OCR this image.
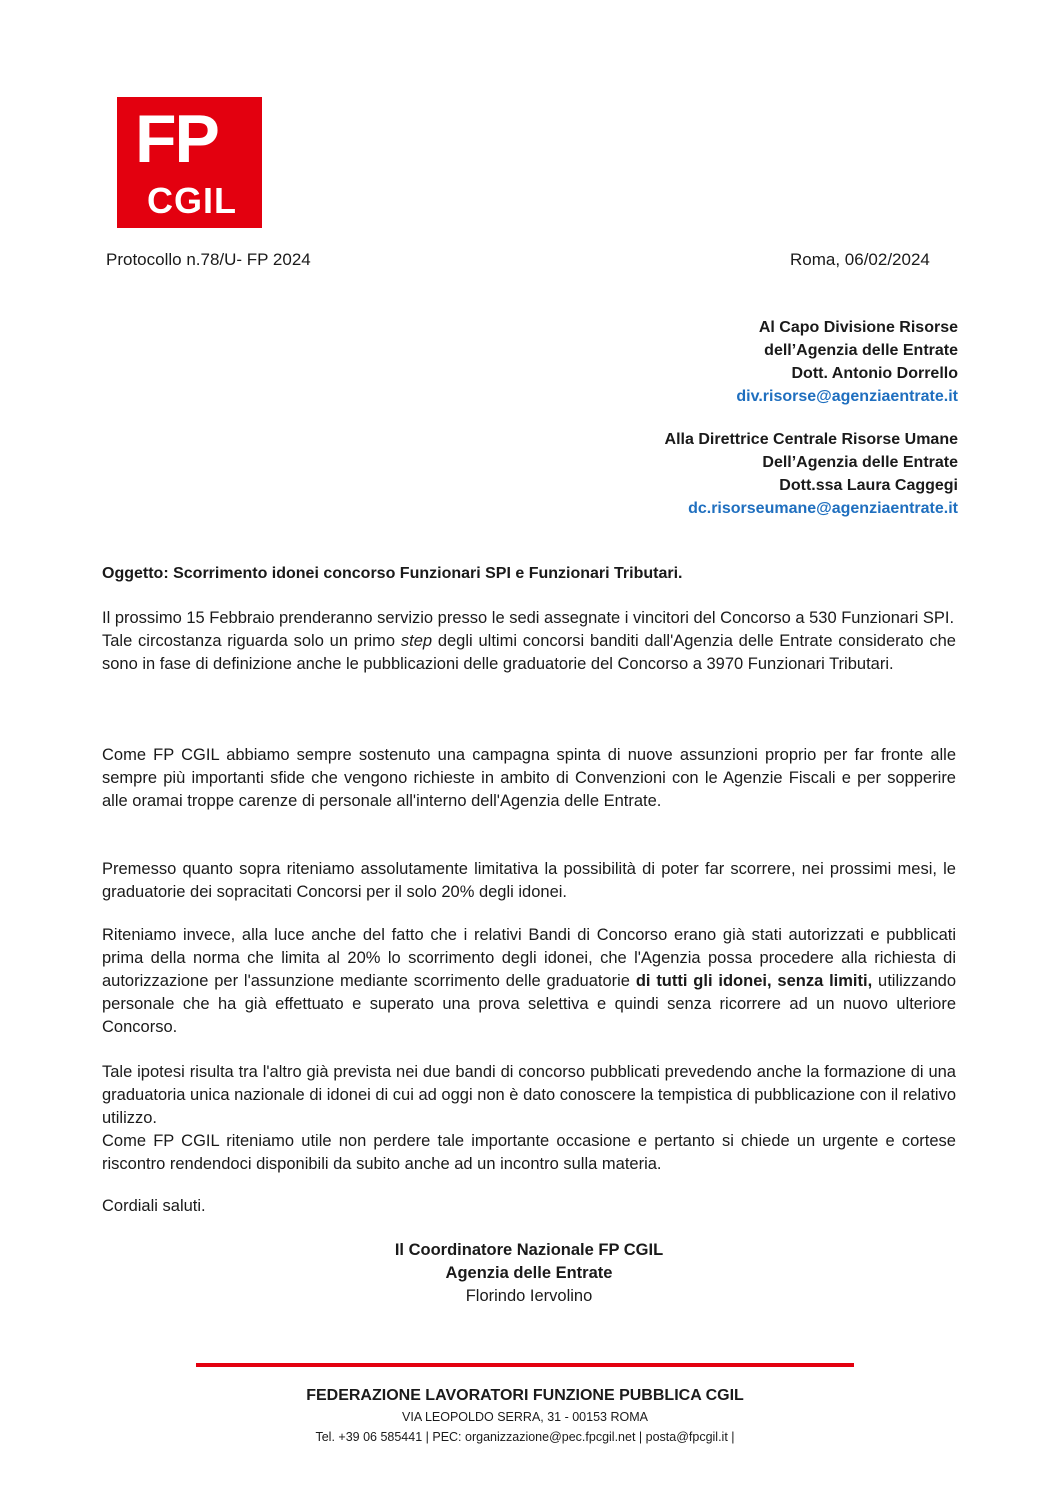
FP
CGIL
Protocollo n.78/U- FP 2024	Roma, 06/02/2024
Al Capo Divisione Risorse
dell’Agenzia delle Entrate
Dott. Antonio Dorrello
div.risorse@agenziaentrate.it
Alla Direttrice Centrale Risorse Umane
Dell’Agenzia delle Entrate
Dott.ssa Laura Caggegi
dc.risorseumane@agenziaentrate.it
Oggetto: Scorrimento idonei concorso Funzionari SPI e Funzionari Tributari.

Il prossimo 15 Febbraio prenderanno servizio presso le sedi assegnate i vincitori del Concorso a 530 Funzionari SPI.

Tale circostanza riguarda solo un primo step degli ultimi concorsi banditi dall'Agenzia delle Entrate considerato che sono in fase di definizione anche le pubblicazioni delle graduatorie del Concorso a 3970 Funzionari Tributari.

Come FP CGIL abbiamo sempre sostenuto una campagna spinta di nuove assunzioni proprio per far fronte alle sempre più importanti sfide che vengono richieste in ambito di Convenzioni con le Agenzie Fiscali e per sopperire alle oramai troppe carenze di personale all'interno dell'Agenzia delle Entrate.

Premesso quanto sopra riteniamo assolutamente limitativa la possibilità di poter far scorrere, nei prossimi mesi, le graduatorie dei sopracitati Concorsi per il solo 20% degli idonei.

Riteniamo invece, alla luce anche del fatto che i relativi Bandi di Concorso erano già stati autorizzati e pubblicati prima della norma che limita al 20% lo scorrimento degli idonei, che l'Agenzia possa procedere alla richiesta di autorizzazione per l'assunzione mediante scorrimento delle graduatorie di tutti gli idonei, senza limiti, utilizzando personale che ha già effettuato e superato una prova selettiva e quindi senza ricorrere ad un nuovo ulteriore Concorso.

Tale ipotesi risulta tra l'altro già prevista nei due bandi di concorso pubblicati prevedendo anche la formazione di una graduatoria unica nazionale di idonei di cui ad oggi non è dato conoscere la tempistica di pubblicazione con il relativo utilizzo.

Come FP CGIL riteniamo utile non perdere tale importante occasione e pertanto si chiede un urgente e cortese riscontro rendendoci disponibili da subito anche ad un incontro sulla materia.

Cordiali saluti.

Il Coordinatore Nazionale FP CGIL
Agenzia delle Entrate
Florindo Iervolino
FEDERAZIONE LAVORATORI FUNZIONE PUBBLICA CGIL
VIA LEOPOLDO SERRA, 31 - 00153 ROMA
Tel. +39 06 585441 | PEC: organizzazione@pec.fpcgil.net | posta@fpcgil.it |
